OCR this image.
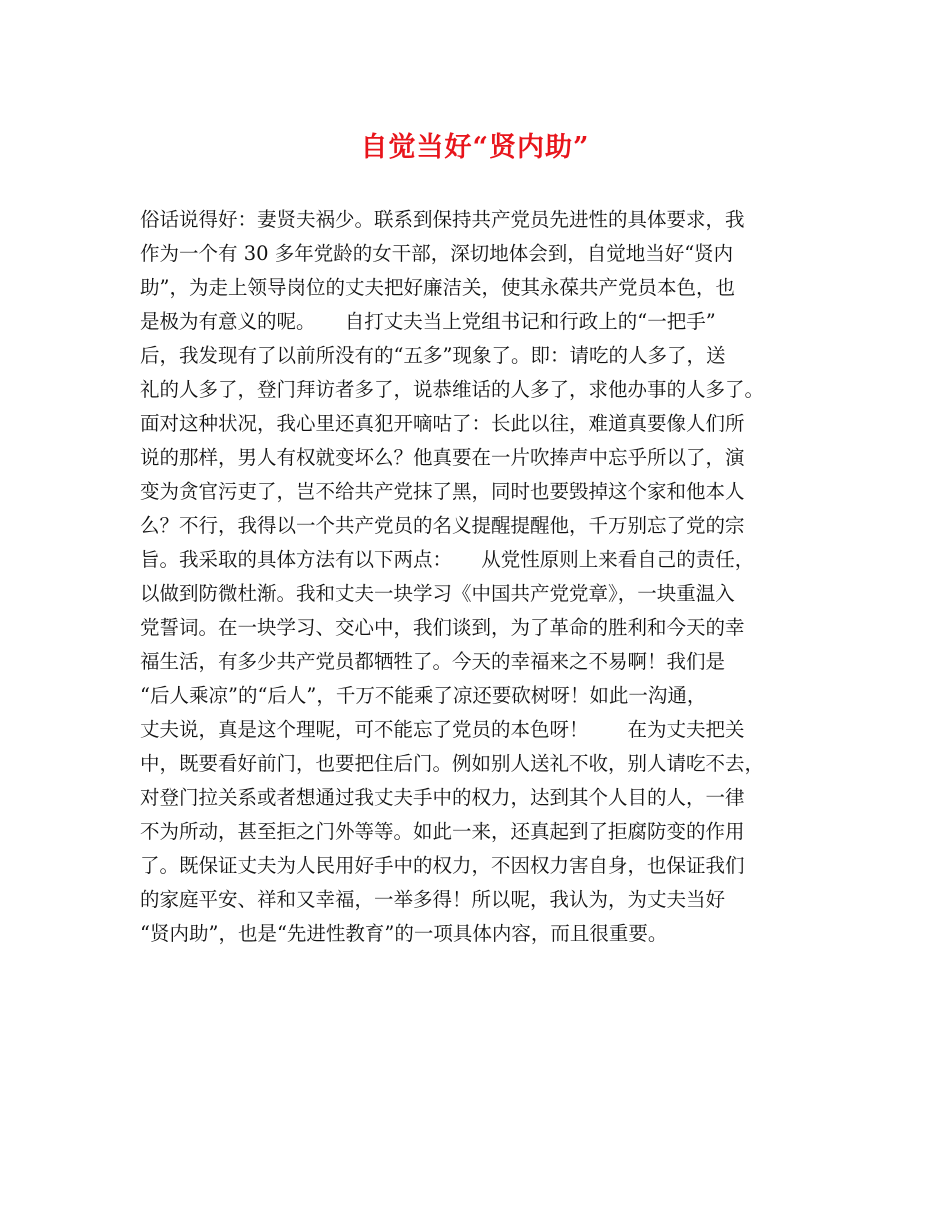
自觉当好“贤内助”
俗话说得好：妻贤夫祸少。联系到保持共产党员先进性的具体要求，我
作为一个有 30 多年党龄的女干部，深切地体会到，自觉地当好“贤内
助”，为走上领导岗位的丈夫把好廉洁关，使其永葆共产党员本色，也
是极为有意义的呢。　　自打丈夫当上党组书记和行政上的“一把手”
后，我发现有了以前所没有的“五多”现象了。即：请吃的人多了，送
礼的人多了，登门拜访者多了，说恭维话的人多了，求他办事的人多了。
面对这种状况，我心里还真犯开嘀咕了：长此以往，难道真要像人们所
说的那样，男人有权就变坏么？他真要在一片吹捧声中忘乎所以了，演
变为贪官污吏了，岂不给共产党抹了黑，同时也要毁掉这个家和他本人
么？不行，我得以一个共产党员的名义提醒提醒他，千万别忘了党的宗
旨。我采取的具体方法有以下两点：　　从党性原则上来看自己的责任，
以做到防微杜渐。我和丈夫一块学习《中国共产党党章》，一块重温入
党誓词。在一块学习、交心中，我们谈到，为了革命的胜利和今天的幸
福生活，有多少共产党员都牺牲了。今天的幸福来之不易啊！我们是
“后人乘凉”的“后人”，千万不能乘了凉还要砍树呀！如此一沟通，
丈夫说，真是这个理呢，可不能忘了党员的本色呀！　　在为丈夫把关
中，既要看好前门，也要把住后门。例如别人送礼不收，别人请吃不去，
对登门拉关系或者想通过我丈夫手中的权力，达到其个人目的人，一律
不为所动，甚至拒之门外等等。如此一来，还真起到了拒腐防变的作用
了。既保证丈夫为人民用好手中的权力，不因权力害自身，也保证我们
的家庭平安、祥和又幸福，一举多得！所以呢，我认为，为丈夫当好
“贤内助”，也是“先进性教育”的一项具体内容，而且很重要。
